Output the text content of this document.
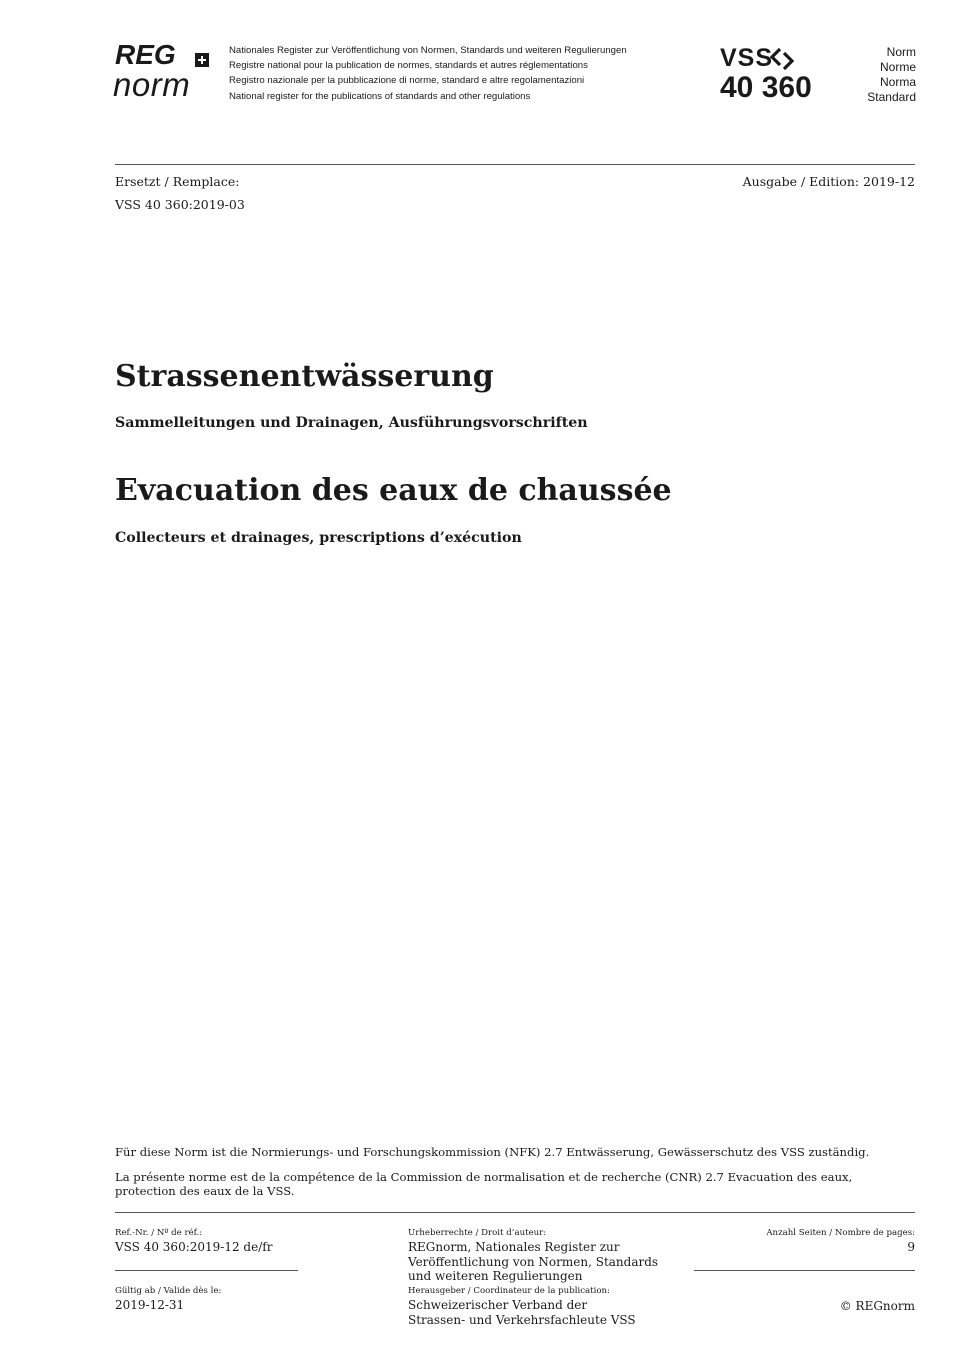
REG
norm
Nationales Register zur Veröffentlichung von Normen, Standards und weiteren Regulierungen
Registre national pour la publication de normes, standards et autres réglementations
Registro nazionale per la pubblicazione di norme, standard e altre regolamentazioni
National register for the publications of standards and other regulations
VSS
40 360
Norm
Norme
Norma
Standard
Ersetzt / Remplace:	Ausgabe / Edition: 2019-12
VSS 40 360:2019-03
Strassenentwässerung
Sammelleitungen und Drainagen, Ausführungsvorschriften
Evacuation des eaux de chaussée
Collecteurs et drainages, prescriptions d’exécution
Für diese Norm ist die Normierungs- und Forschungskommission (NFK) 2.7 Entwässerung, Gewässerschutz des VSS zuständig.
La présente norme est de la compétence de la Commission de normalisation et de recherche (CNR) 2.7 Evacuation des eaux, protection des eaux de la VSS.
Ref.-Nr. / Nº de réf.:
VSS 40 360:2019-12 de/fr
Gültig ab / Valide dès le:
2019-12-31
Urheberrechte / Droit d’auteur:
REGnorm, Nationales Register zur
Veröffentlichung von Normen, Standards
und weiteren Regulierungen
Herausgeber / Coordinateur de la publication:
Schweizerischer Verband der
Strassen- und Verkehrsfachleute VSS
Anzahl Seiten / Nombre de pages:
9
© REGnorm
